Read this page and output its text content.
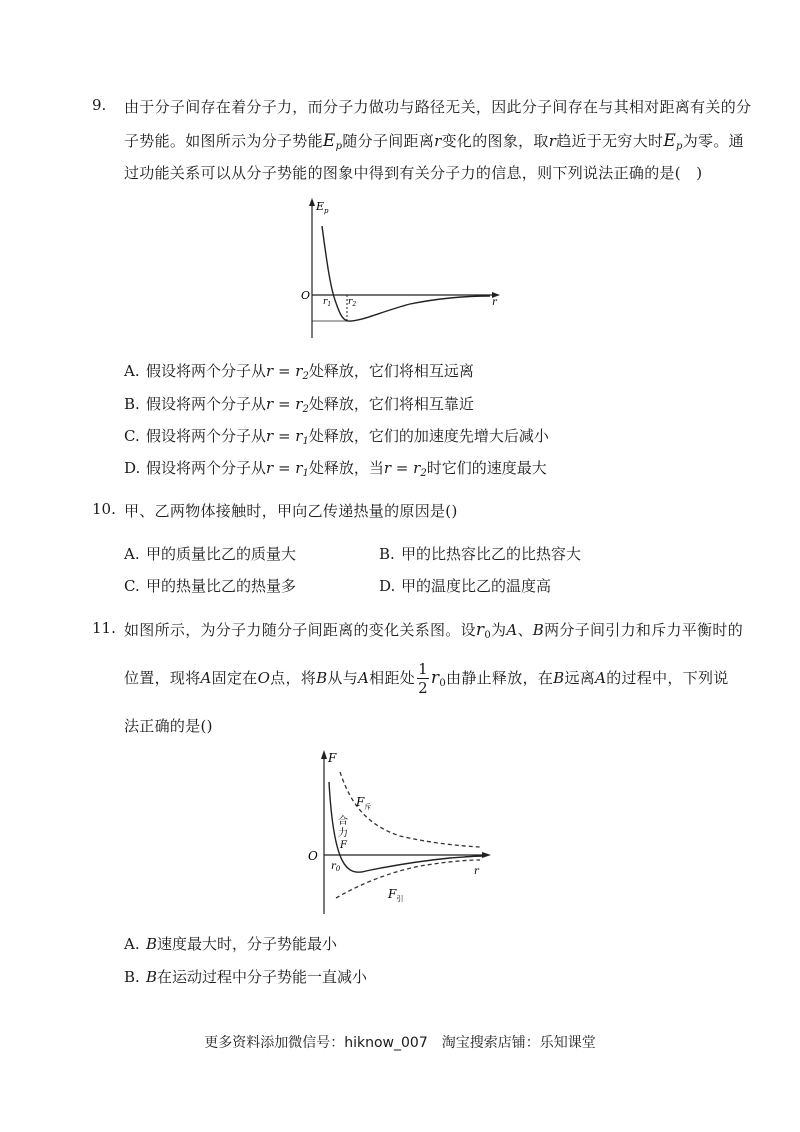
9. 由于分子间存在着分子力，而分子力做功与路径无关，因此分子间存在与其相对距离有关的分
子势能。如图所示为分子势能$E_p$随分子间距离r变化的图象，取r趋近于无穷大时$E_p$为零。通
过功能关系可以从分子势能的图象中得到有关分子力的信息，则下列说法正确的是(　)
$E_p$
O
r
$r_1$ $r_2$
A. 假设将两个分子从$r = r_2$处释放，它们将相互远离
B. 假设将两个分子从$r = r_2$处释放，它们将相互靠近
C. 假设将两个分子从$r = r_1$处释放，它们的加速度先增大后减小
D. 假设将两个分子从$r = r_1$处释放，当$r = r_2$时它们的速度最大
10. 甲、乙两物体接触时，甲向乙传递热量的原因是()
A. 甲的质量比乙的质量大	B. 甲的比热容比乙的比热容大
C. 甲的热量比乙的热量多	D. 甲的温度比乙的温度高
11. 如图所示，为分子力随分子间距离的变化关系图。设$r_0$为A、B两分子间引力和斥力平衡时的
位置，现将A固定在O点，将B从与A相距处 $\frac{1}{2} r_0$由静止释放，在B远离A的过程中，下列说
法正确的是()
F
O
r
$r_0$
$F_斥$
$F_引$
合
力
F
A. B速度最大时，分子势能最小
B. B在运动过程中分子势能一直减小
更多资料添加微信号：hiknow_007　淘宝搜索店铺：乐知课堂
